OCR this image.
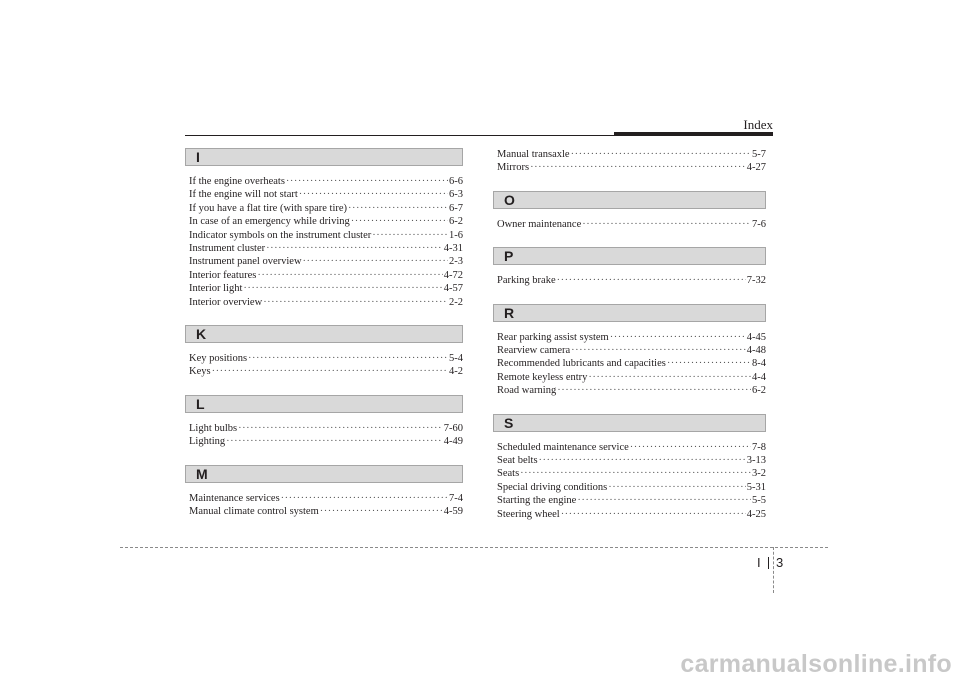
Index
I
If the engine overheats ·····	6-6
If the engine will not start ·····	6-3
If you have a flat tire (with spare tire) ·····	6-7
In case of an emergency while driving ·····	6-2
Indicator symbols on the instrument cluster ·····	1-6
Instrument cluster ·····	4-31
Instrument panel overview ·····	2-3
Interior features ·····	4-72
Interior light ·····	4-57
Interior overview ·····	2-2
K
Key positions ·····	5-4
Keys ·····	4-2
L
Light bulbs ·····	7-60
Lighting ·····	4-49
M
Maintenance services ·····	7-4
Manual climate control system ·····	4-59
Manual transaxle ·····	5-7
Mirrors ·····	4-27
O
Owner maintenance ·····	7-6
P
Parking brake ·····	7-32
R
Rear parking assist system ·····	4-45
Rearview camera ·····	4-48
Recommended lubricants and capacities ·····	8-4
Remote keyless entry ·····	4-4
Road warning ·····	6-2
S
Scheduled maintenance service ·····	7-8
Seat belts ·····	3-13
Seats ·····	3-2
Special driving conditions ·····	5-31
Starting the engine ·····	5-5
Steering wheel ·····	4-25
I 3
carmanualsonline.info
